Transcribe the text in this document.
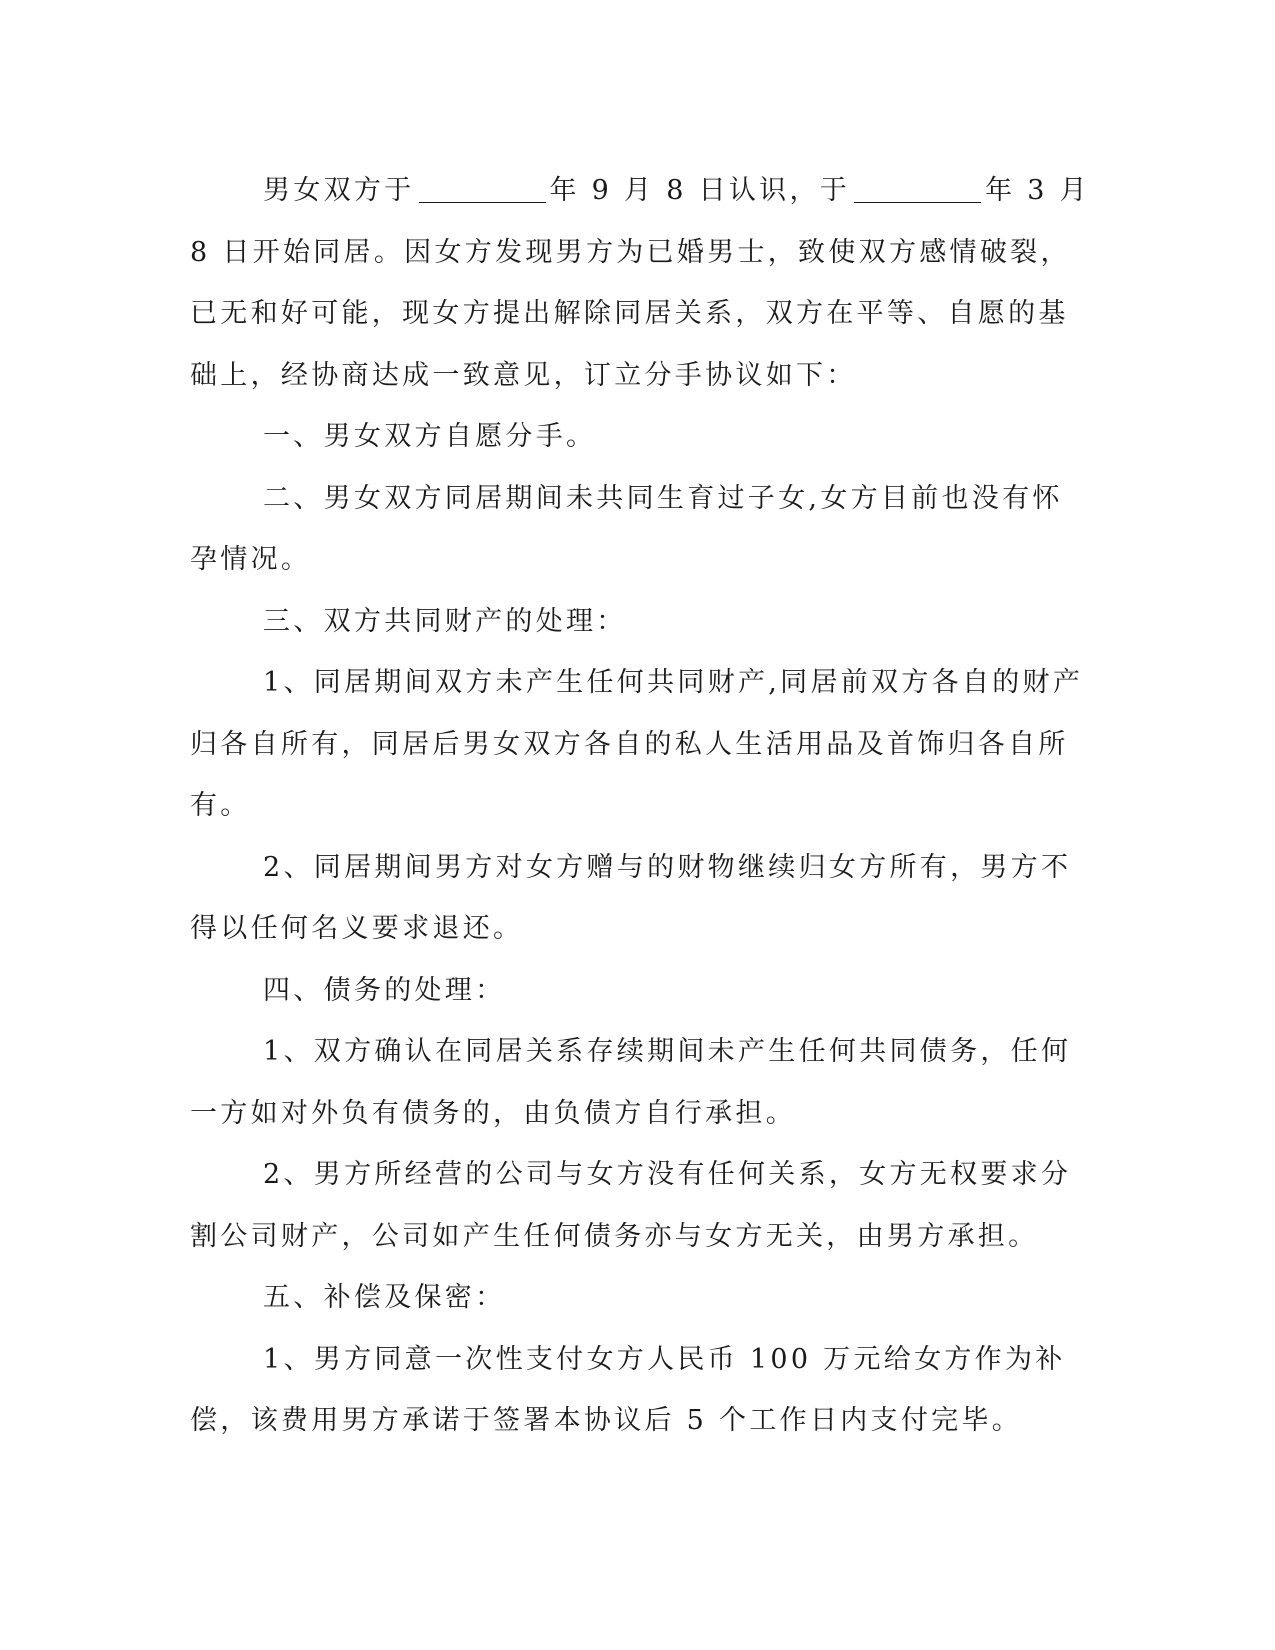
男女双方于	年 9 月 8 日认识，于	年 3 月 8 日开始同居。因女方发现男方为已婚男士，致使双方感情破裂，已无和好可能，现女方提出解除同居关系，双方在平等、自愿的基础上，经协商达成一致意见，订立分手协议如下：

一、男女双方自愿分手。

二、男女双方同居期间未共同生育过子女,女方目前也没有怀孕情况。

三、双方共同财产的处理：

1、同居期间双方未产生任何共同财产,同居前双方各自的财产归各自所有，同居后男女双方各自的私人生活用品及首饰归各自所有。

2、同居期间男方对女方赠与的财物继续归女方所有，男方不得以任何名义要求退还。

四、债务的处理：

1、双方确认在同居关系存续期间未产生任何共同债务，任何一方如对外负有债务的，由负债方自行承担。

2、男方所经营的公司与女方没有任何关系，女方无权要求分割公司财产，公司如产生任何债务亦与女方无关，由男方承担。

五、补偿及保密：

1、男方同意一次性支付女方人民币 100 万元给女方作为补偿，该费用男方承诺于签署本协议后 5 个工作日内支付完毕。
